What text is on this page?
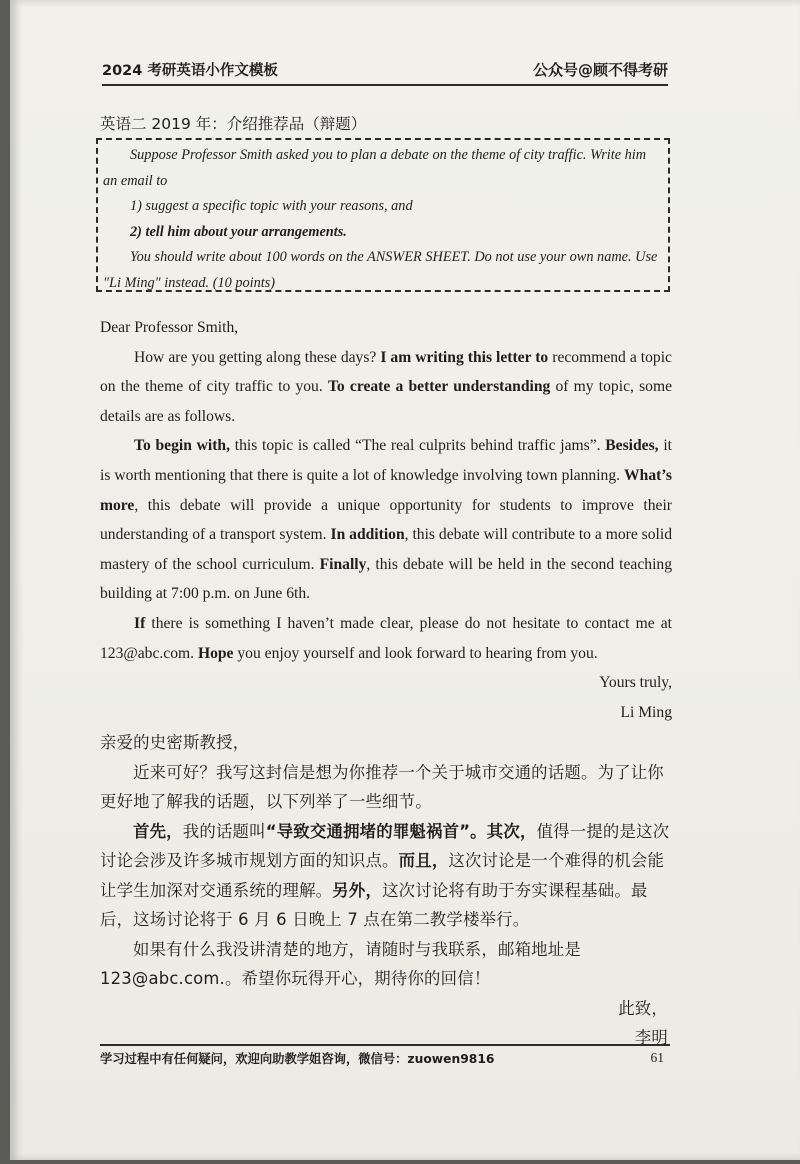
2024 考研英语小作文模板	公众号@顾不得考研
英语二 2019 年：介绍推荐品（辩题）

Suppose Professor Smith asked you to plan a debate on the theme of city traffic. Write him an email to

1) suggest a specific topic with your reasons, and

2) tell him about your arrangements.

You should write about 100 words on the ANSWER SHEET. Do not use your own name. Use "Li Ming" instead. (10 points)

Dear Professor Smith,

How are you getting along these days? I am writing this letter to recommend a topic on the theme of city traffic to you. To create a better understanding of my topic, some details are as follows.

To begin with, this topic is called “The real culprits behind traffic jams”. Besides, it is worth mentioning that there is quite a lot of knowledge involving town planning. What’s more, this debate will provide a unique opportunity for students to improve their understanding of a transport system. In addition, this debate will contribute to a more solid mastery of the school curriculum. Finally, this debate will be held in the second teaching building at 7:00 p.m. on June 6th.

If there is something I haven’t made clear, please do not hesitate to contact me at 123@abc.com. Hope you enjoy yourself and look forward to hearing from you.

Yours truly,

Li Ming

亲爱的史密斯教授，

近来可好？我写这封信是想为你推荐一个关于城市交通的话题。为了让你更好地了解我的话题，以下列举了一些细节。

首先，我的话题叫“导致交通拥堵的罪魁祸首”。其次，值得一提的是这次讨论会涉及许多城市规划方面的知识点。而且，这次讨论是一个难得的机会能让学生加深对交通系统的理解。另外，这次讨论将有助于夯实课程基础。最后，这场讨论将于 6 月 6 日晚上 7 点在第二教学楼举行。

如果有什么我没讲清楚的地方，请随时与我联系，邮箱地址是 123@abc.com.。希望你玩得开心，期待你的回信！

此致，

李明

学习过程中有任何疑问，欢迎向助教学姐咨询，微信号：zuowen9816	61
